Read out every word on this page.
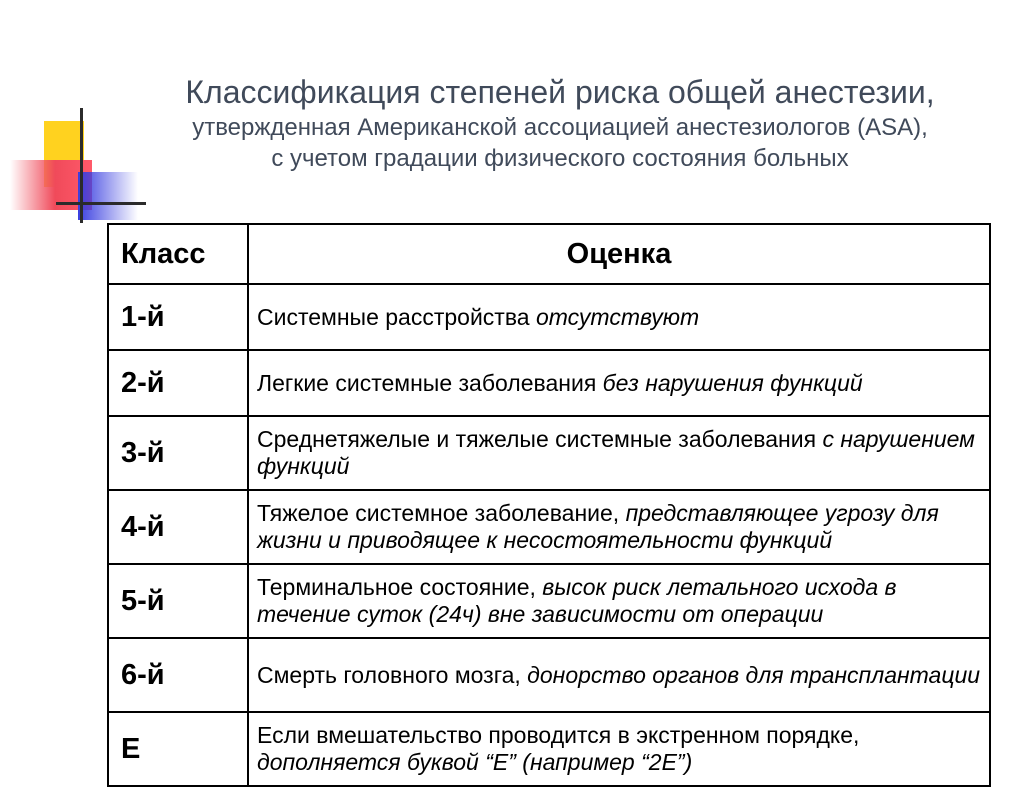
Классификация степеней риска общей анестезии,
утвержденная Американской ассоциацией анестезиологов (ASA),
с учетом градации физического состояния больных
Класс	Оценка
1-й	Системные расстройства отсутствуют
2-й	Легкие системные заболевания без нарушения функций
3-й	Среднетяжелые и тяжелые системные заболевания с нарушением функций
4-й	Тяжелое системное заболевание, представляющее угрозу для жизни и приводящее к несостоятельности функций
5-й	Терминальное состояние, высок риск летального исхода в течение суток (24ч) вне зависимости от операции
6-й	Смерть головного мозга, донорство органов для трансплантации
Е	Если вмешательство проводится в экстренном порядке, дополняется буквой “Е” (например “2Е”)
